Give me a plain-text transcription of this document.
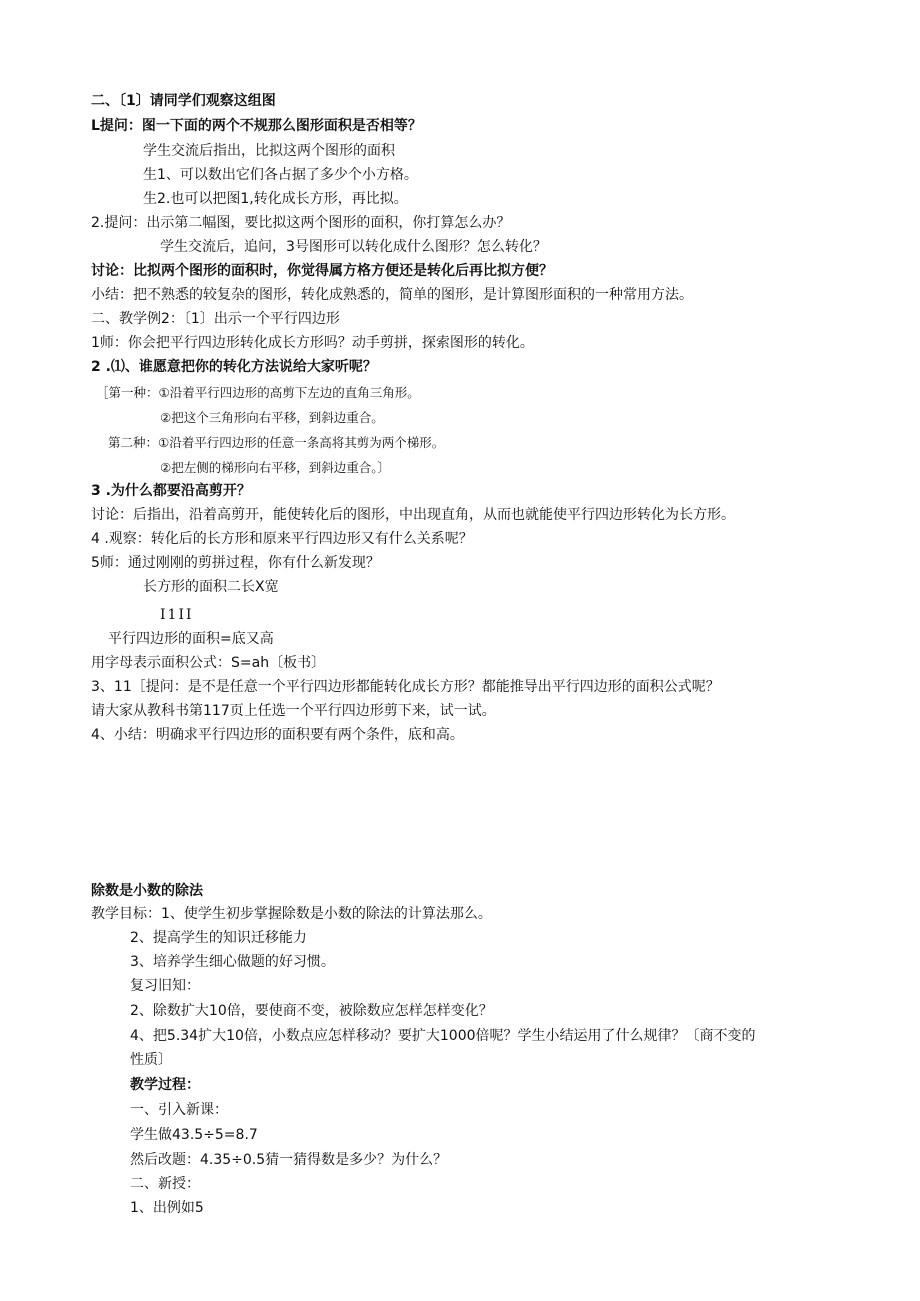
二、〔1〕请同学们观察这组图
L提问：图一下面的两个不规那么图形面积是否相等？
学生交流后指出，比拟这两个图形的面积
生1、可以数出它们各占据了多少个小方格。
生2.也可以把图1,转化成长方形，再比拟。
2.提问：出示第二幅图，要比拟这两个图形的面积，你打算怎么办？
学生交流后，追问，3号图形可以转化成什么图形？怎么转化？
讨论：比拟两个图形的面积时，你觉得属方格方便还是转化后再比拟方便？
小结：把不熟悉的较复杂的图形，转化成熟悉的，简单的图形，是计算图形面积的一种常用方法。
二、教学例2：〔1〕出示一个平行四边形
1师：你会把平行四边形转化成长方形吗？动手剪拼，探索图形的转化。
2 .⑴、谁愿意把你的转化方法说给大家听呢？
［第一种：①沿着平行四边形的高剪下左边的直角三角形。
②把这个三角形向右平移，到斜边重合。
第二种：①沿着平行四边形的任意一条高将其剪为两个梯形。
②把左侧的梯形向右平移，到斜边重合。〕
3 .为什么都要沿高剪开？
讨论：后指出，沿着高剪开，能使转化后的图形，中出现直角，从而也就能使平行四边形转化为长方形。
4 .观察：转化后的长方形和原来平行四边形又有什么关系呢？
5师：通过刚刚的剪拼过程，你有什么新发现？
长方形的面积二长X宽
I1II
平行四边形的面积=底又高
用字母表示面积公式：S=ah〔板书〕
3、11［提问：是不是任意一个平行四边形都能转化成长方形？都能推导出平行四边形的面积公式呢？
请大家从教科书第117页上任选一个平行四边形剪下来，试一试。
4、小结：明确求平行四边形的面积要有两个条件，底和高。
除数是小数的除法
教学目标：1、使学生初步掌握除数是小数的除法的计算法那么。
2、提高学生的知识迁移能力
3、培养学生细心做题的好习惯。
复习旧知：
2、除数扩大10倍，要使商不变，被除数应怎样怎样变化？
4、把5.34扩大10倍，小数点应怎样移动？要扩大1000倍呢？学生小结运用了什么规律？〔商不变的
性质〕
教学过程：
一、引入新课：
学生做43.5÷5=8.7
然后改题：4.35÷0.5猜一猜得数是多少？为什么？
二、新授：
1、出例如5
